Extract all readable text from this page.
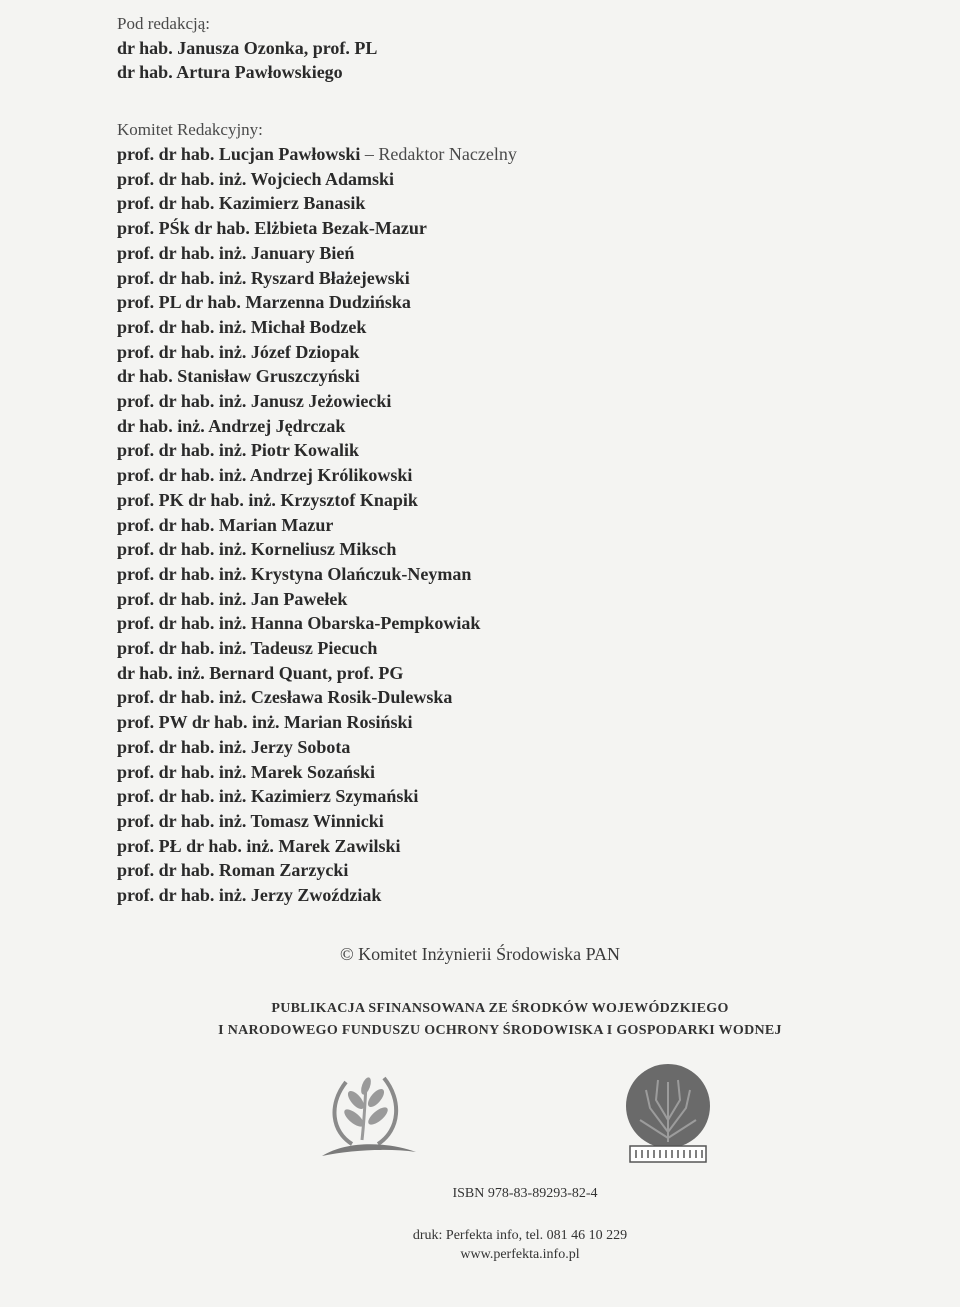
Pod redakcją:
dr hab. Janusza Ozonka, prof. PL
dr hab. Artura Pawłowskiego
Komitet Redakcyjny:
prof. dr hab. Lucjan Pawłowski – Redaktor Naczelny
prof. dr hab. inż. Wojciech Adamski
prof. dr hab. Kazimierz Banasik
prof. PŚk dr hab. Elżbieta Bezak-Mazur
prof. dr hab. inż. January Bień
prof. dr hab. inż. Ryszard Błażejewski
prof. PL dr hab. Marzenna Dudzińska
prof. dr hab. inż. Michał Bodzek
prof. dr hab. inż. Józef Dziopak
dr hab. Stanisław Gruszczyński
prof. dr hab. inż. Janusz Jeżowiecki
dr hab. inż. Andrzej Jędrczak
prof. dr hab. inż. Piotr Kowalik
prof. dr hab. inż. Andrzej Królikowski
prof. PK dr hab. inż. Krzysztof Knapik
prof. dr hab. Marian Mazur
prof. dr hab. inż. Korneliusz Miksch
prof. dr hab. inż. Krystyna Olańczuk-Neyman
prof. dr hab. inż. Jan Pawełek
prof. dr hab. inż. Hanna Obarska-Pempkowiak
prof. dr hab. inż. Tadeusz Piecuch
dr hab. inż. Bernard Quant, prof. PG
prof. dr hab. inż. Czesława Rosik-Dulewska
prof. PW dr hab. inż. Marian Rosiński
prof. dr hab. inż. Jerzy Sobota
prof. dr hab. inż. Marek Sozański
prof. dr hab. inż. Kazimierz Szymański
prof. dr hab. inż. Tomasz Winnicki
prof. PŁ dr hab. inż. Marek Zawilski
prof. dr hab. Roman Zarzycki
prof. dr hab. inż. Jerzy Zwoździak
© Komitet Inżynierii Środowiska PAN
PUBLIKACJA SFINANSOWANA ZE ŚRODKÓW WOJEWÓDZKIEGO
I NARODOWEGO FUNDUSZU OCHRONY ŚRODOWISKA I GOSPODARKI WODNEJ
ISBN 978-83-89293-82-4
druk: Perfekta info, tel. 081 46 10 229
www.perfekta.info.pl
